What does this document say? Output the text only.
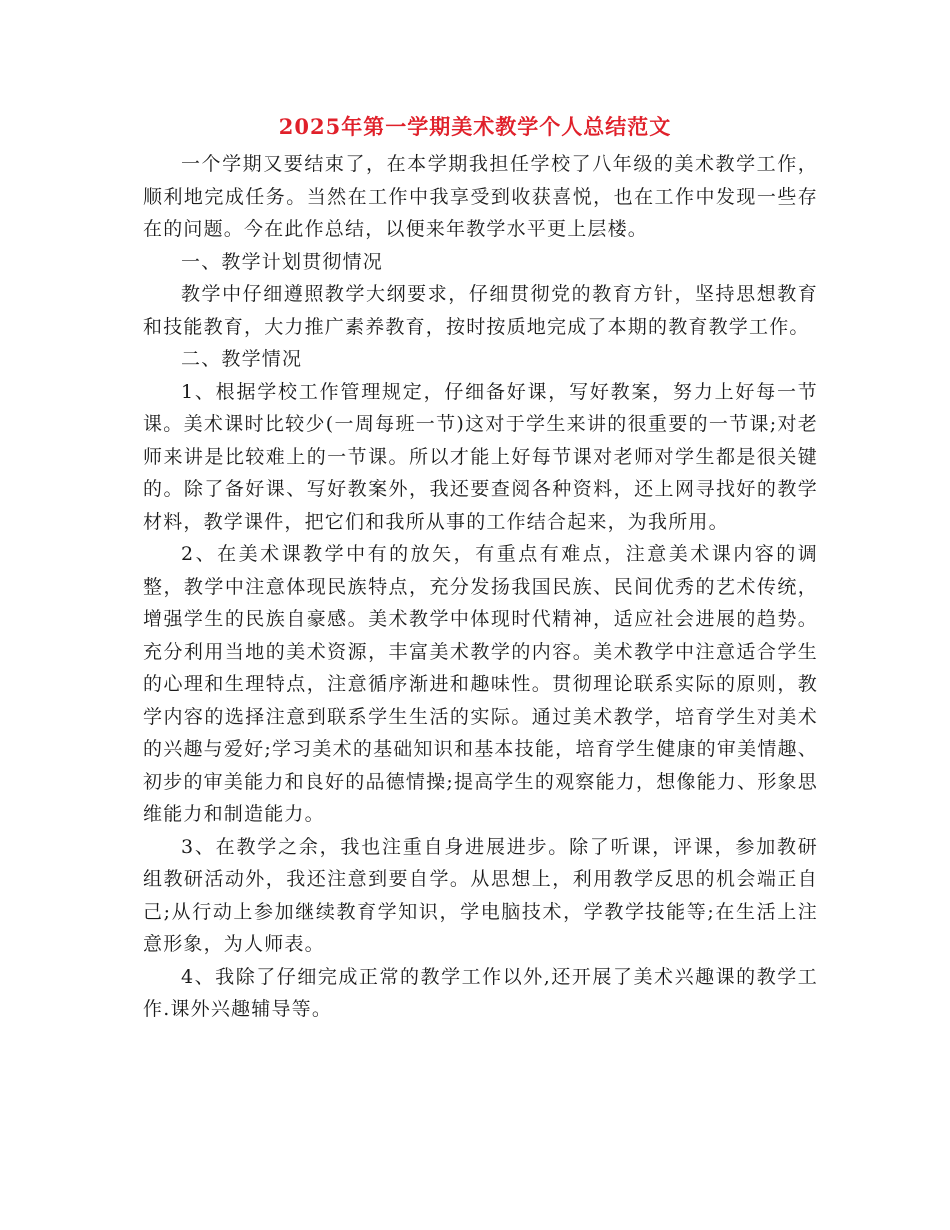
2025年第一学期美术教学个人总结范文

一个学期又要结束了，在本学期我担任学校了八年级的美术教学工作，顺利地完成任务。当然在工作中我享受到收获喜悦，也在工作中发现一些存在的问题。今在此作总结，以便来年教学水平更上层楼。

一、教学计划贯彻情况

教学中仔细遵照教学大纲要求，仔细贯彻党的教育方针，坚持思想教育和技能教育，大力推广素养教育，按时按质地完成了本期的教育教学工作。

二、教学情况

1、根据学校工作管理规定，仔细备好课，写好教案，努力上好每一节课。美术课时比较少(一周每班一节)这对于学生来讲的很重要的一节课;对老师来讲是比较难上的一节课。所以才能上好每节课对老师对学生都是很关键的。除了备好课、写好教案外，我还要查阅各种资料，还上网寻找好的教学材料，教学课件，把它们和我所从事的工作结合起来，为我所用。

2、在美术课教学中有的放矢，有重点有难点，注意美术课内容的调整，教学中注意体现民族特点，充分发扬我国民族、民间优秀的艺术传统，增强学生的民族自豪感。美术教学中体现时代精神，适应社会进展的趋势。充分利用当地的美术资源，丰富美术教学的内容。美术教学中注意适合学生的心理和生理特点，注意循序渐进和趣味性。贯彻理论联系实际的原则，教学内容的选择注意到联系学生生活的实际。通过美术教学，培育学生对美术的兴趣与爱好;学习美术的基础知识和基本技能，培育学生健康的审美情趣、初步的审美能力和良好的品德情操;提高学生的观察能力，想像能力、形象思维能力和制造能力。

3、在教学之余，我也注重自身进展进步。除了听课，评课，参加教研组教研活动外，我还注意到要自学。从思想上，利用教学反思的机会端正自己;从行动上参加继续教育学知识，学电脑技术，学教学技能等;在生活上注意形象，为人师表。

4、我除了仔细完成正常的教学工作以外,还开展了美术兴趣课的教学工作.课外兴趣辅导等。
